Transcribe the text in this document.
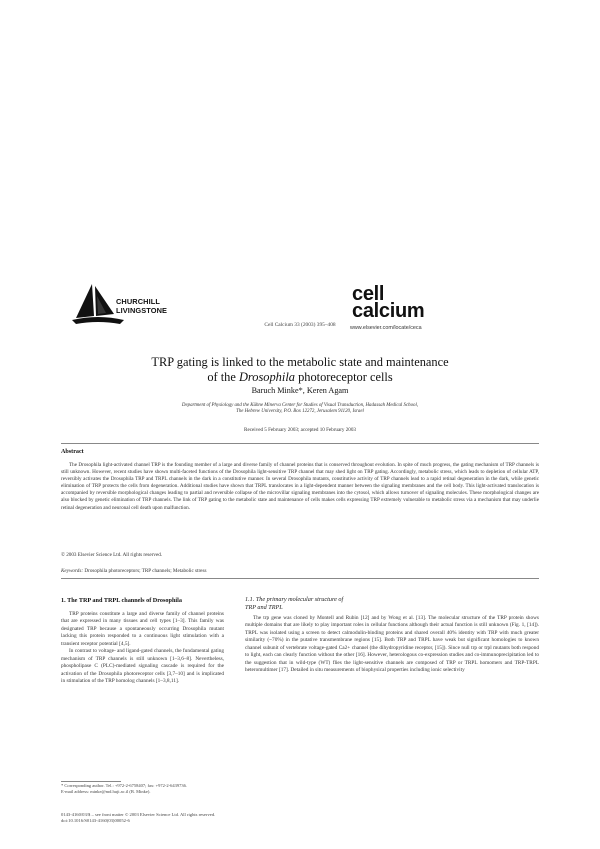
CHURCHILL
LIVINGSTONE
Cell Calcium 33 (2003) 395–408
cell
calcium
www.elsevier.com/locate/ceca
TRP gating is linked to the metabolic state and maintenance
of the Drosophila photoreceptor cells
Baruch Minke*, Keren Agam
Department of Physiology and the Kühne Minerva Center for Studies of Visual Transduction, Hadassah Medical School,
The Hebrew University, P.O. Box 12272, Jerusalem 91120, Israel
Received 5 February 2003; accepted 10 February 2003
Abstract
The Drosophila light-activated channel TRP is the founding member of a large and diverse family of channel proteins that is conserved throughout evolution. In spite of much progress, the gating mechanism of TRP channels is still unknown. However, recent studies have shown multi-faceted functions of the Drosophila light-sensitive TRP channel that may shed light on TRP gating. Accordingly, metabolic stress, which leads to depletion of cellular ATP, reversibly activates the Drosophila TRP and TRPL channels in the dark in a constitutive manner. In several Drosophila mutants, constitutive activity of TRP channels lead to a rapid retinal degeneration in the dark, while genetic elimination of TRP protects the cells from degeneration. Additional studies have shown that TRPL translocates in a light-dependent manner between the signaling membranes and the cell body. This light-activated translocation is accompanied by reversible morphological changes leading to partial and reversible collapse of the microvillar signaling membranes into the cytosol, which allows turnover of signaling molecules. These morphological changes are also blocked by genetic elimination of TRP channels. The link of TRP gating to the metabolic state and maintenance of cells makes cells expressing TRP extremely vulnerable to metabolic stress via a mechanism that may underlie retinal degeneration and neuronal cell death upon malfunction.
© 2003 Elsevier Science Ltd. All rights reserved.
Keywords: Drosophila photoreceptors; TRP channels; Metabolic stress
1. The TRP and TRPL channels of Drosophila

TRP proteins constitute a large and diverse family of channel proteins that are expressed in many tissues and cell types [1–3]. This family was designated TRP because a spontaneously occurring Drosophila mutant lacking this protein responded to a continuous light stimulation with a transient receptor potential [4,5].

In contrast to voltage- and ligand-gated channels, the fundamental gating mechanism of TRP channels is still unknown [1–3,6–8]. Nevertheless, phospholipase C (PLC)-mediated signaling cascade is required for the activation of the Drosophila photoreceptor cells [3,7–10] and is implicated in stimulation of the TRP homolog channels [1–3,8,11].

1.1. The primary molecular structure of
TRP and TRPL

The trp gene was cloned by Montell and Rubin [12] and by Wong et al. [13]. The molecular structure of the TRP protein shows multiple domains that are likely to play important roles in cellular functions although their actual function is still unknown (Fig. 1, [14]). TRPL was isolated using a screen to detect calmodulin-binding proteins and shared overall 40% identity with TRP with much greater similarity (~70%) in the putative transmembrane regions [15]. Both TRP and TRPL have weak but significant homologies to known channel subunit of vertebrate voltage-gated Ca2+ channel (the dihydropyridine receptor, [15]). Since null trp or trpl mutants both respond to light, each can clearly function without the other [16]. However, heterologous co-expression studies and co-immunoprecipitation led to the suggestion that in wild-type (WT) flies the light-sensitive channels are composed of TRP or TRPL homomers and TRP-TRPL heteromultimer [17]. Detailed in situ measurements of biophysical properties including ionic selectivity

* Corresponding author. Tel.: +972-2-6758407; fax: +972-2-6439736.
E-mail address: minke@md.huji.ac.il (B. Minke).
0143-4160/03/$ – see front matter © 2003 Elsevier Science Ltd. All rights reserved.
doi:10.1016/S0143-4160(03)00052-6
